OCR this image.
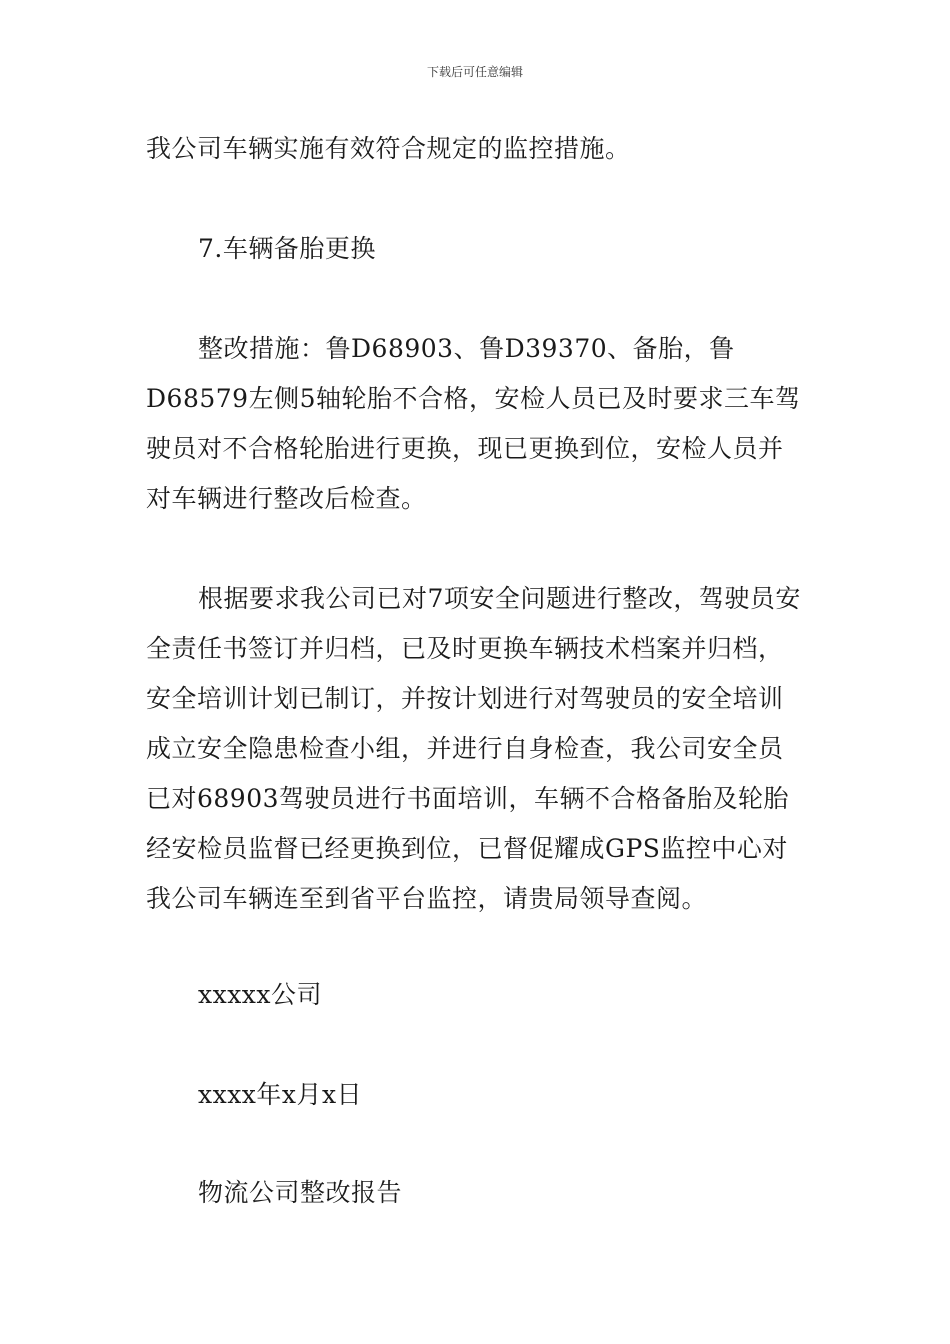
下载后可任意编辑

我公司车辆实施有效符合规定的监控措施。

7.车辆备胎更换

整改措施：鲁D68903、鲁D39370、备胎，鲁D68579左侧5轴轮胎不合格，安检人员已及时要求三车驾驶员对不合格轮胎进行更换，现已更换到位，安检人员并对车辆进行整改后检查。

根据要求我公司已对7项安全问题进行整改，驾驶员安全责任书签订并归档，已及时更换车辆技术档案并归档，安全培训计划已制订，并按计划进行对驾驶员的安全培训成立安全隐患检查小组，并进行自身检查，我公司安全员已对68903驾驶员进行书面培训，车辆不合格备胎及轮胎经安检员监督已经更换到位，已督促耀成GPS监控中心对我公司车辆连至到省平台监控，请贵局领导查阅。

xxxxx公司

xxxx年x月x日

物流公司整改报告
